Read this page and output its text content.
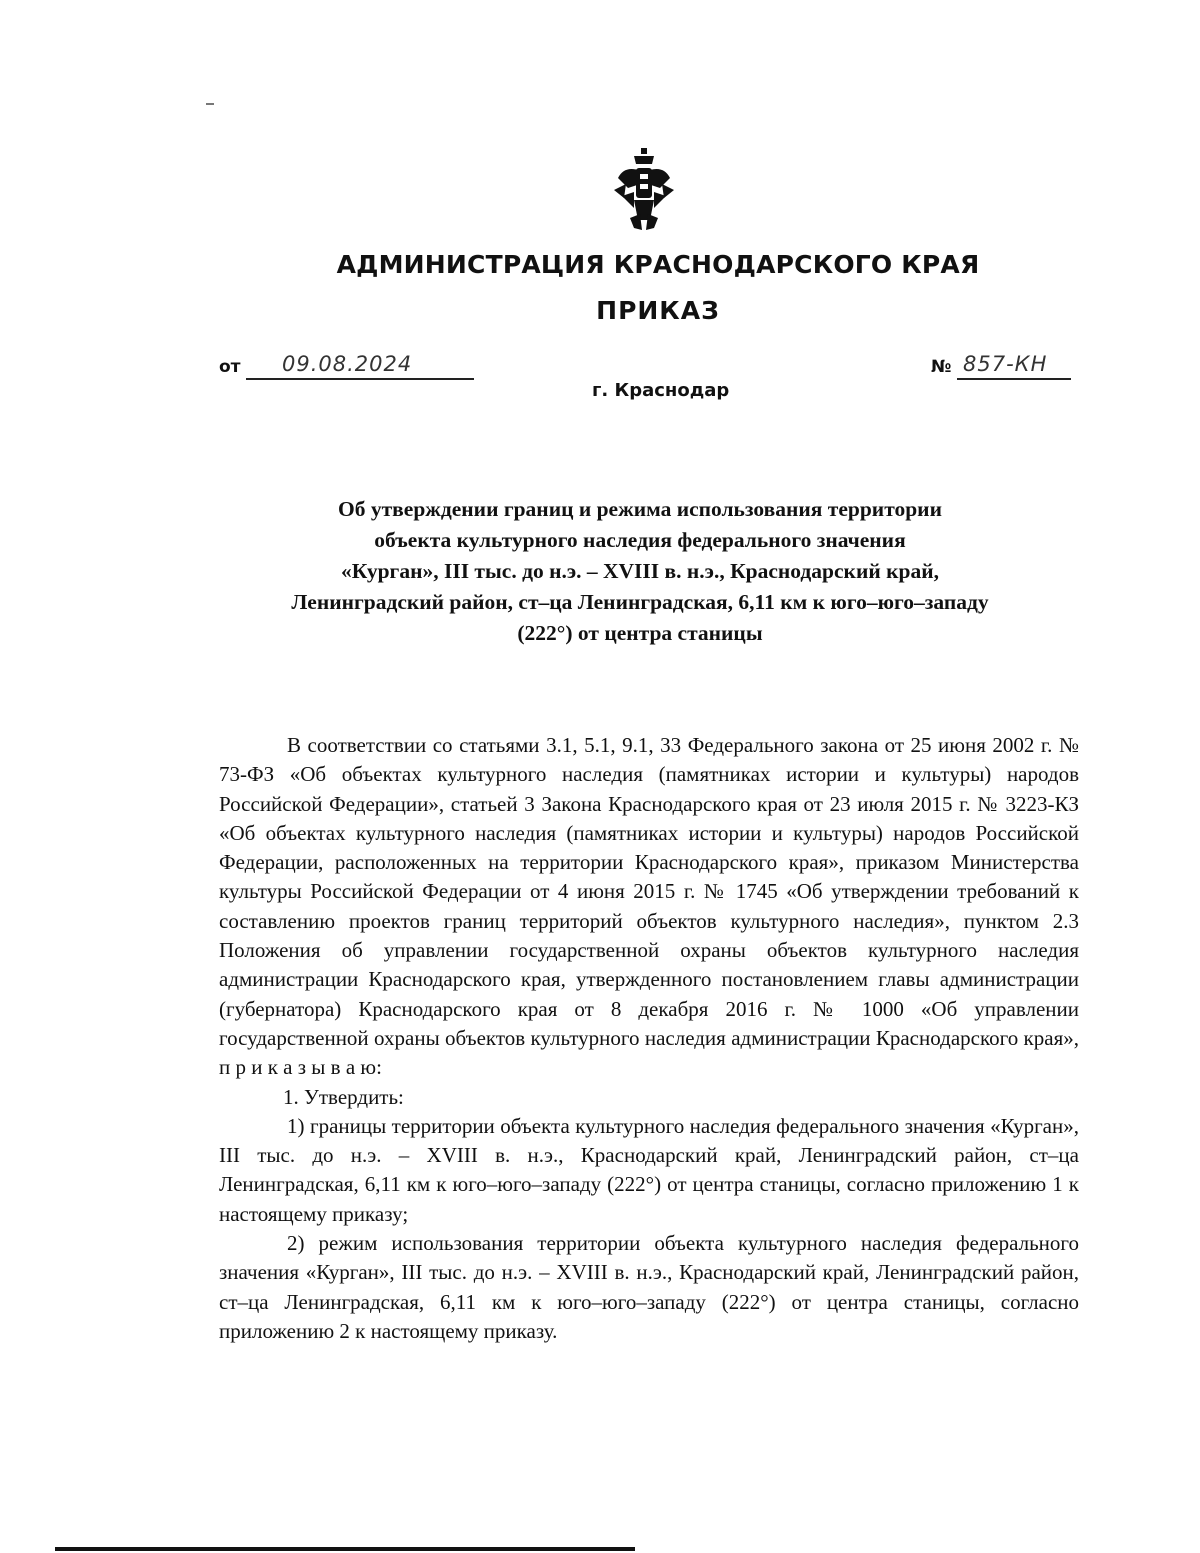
АДМИНИСТРАЦИЯ КРАСНОДАРСКОГО КРАЯ
ПРИКАЗ
от 09.08.2024	№ 857-КН
г. Краснодар
Об утверждении границ и режима использования территории
объекта культурного наследия федерального значения
«Курган», III тыс. до н.э. – XVIII в. н.э., Краснодарский край,
Ленинградский район, ст–ца Ленинградская, 6,11 км к юго–юго–западу
(222°) от центра станицы

В соответствии со статьями 3.1, 5.1, 9.1, 33 Федерального закона от 25 июня 2002 г. № 73-ФЗ «Об объектах культурного наследия (памятниках истории и культуры) народов Российской Федерации», статьей 3 Закона Краснодарского края от 23 июля 2015 г. № 3223-КЗ «Об объектах культурного наследия (памятниках истории и культуры) народов Российской Федерации, расположенных на территории Краснодарского края», приказом Министерства культуры Российской Федерации от 4 июня 2015 г. № 1745 «Об утверждении требований к составлению проектов границ территорий объектов культурного наследия», пунктом 2.3 Положения об управлении государственной охраны объектов культурного наследия администрации Краснодарского края, утвержденного постановлением главы администрации (губернатора) Краснодарского края от 8 декабря 2016 г. № 1000 «Об управлении государственной охраны объектов культурного наследия администрации Краснодарского края», п р и к а з ы в а ю:

1. Утвердить:

1) границы территории объекта культурного наследия федерального значения «Курган», III тыс. до н.э. – XVIII в. н.э., Краснодарский край, Ленинградский район, ст–ца Ленинградская, 6,11 км к юго–юго–западу (222°) от центра станицы, согласно приложению 1 к настоящему приказу;

2) режим использования территории объекта культурного наследия федерального значения «Курган», III тыс. до н.э. – XVIII в. н.э., Краснодарский край, Ленинградский район, ст–ца Ленинградская, 6,11 км к юго–юго–западу (222°) от центра станицы, согласно приложению 2 к настоящему приказу.
